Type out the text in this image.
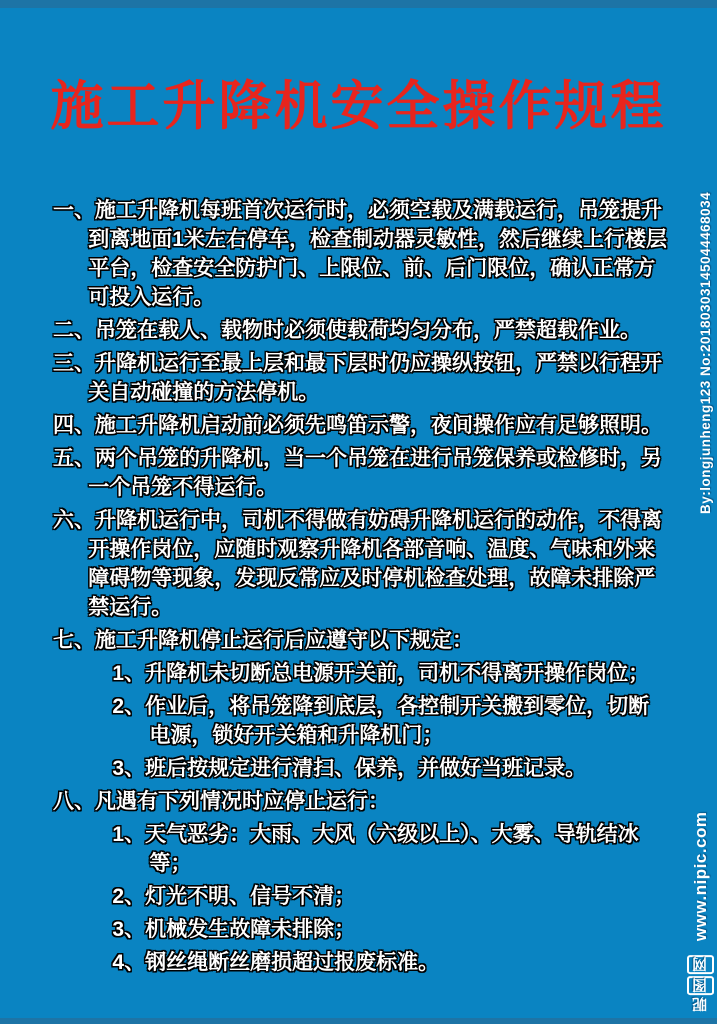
施工升降机安全操作规程 施工升降机安全操作规程
一、施工升降机每班首次运行时，必须空载及满载运行，吊笼提升到离地面1米左右停车，检查制动器灵敏性，然后继续上行楼层平台，检查安全防护门、上限位、前、后门限位，确认正常方可投入运行。
二、吊笼在载人、载物时必须使载荷均匀分布，严禁超载作业。
三、升降机运行至最上层和最下层时仍应操纵按钮，严禁以行程开关自动碰撞的方法停机。
四、施工升降机启动前必须先鸣笛示警，夜间操作应有足够照明。
五、两个吊笼的升降机，当一个吊笼在进行吊笼保养或检修时，另一个吊笼不得运行。
六、升降机运行中，司机不得做有妨碍升降机运行的动作，不得离开操作岗位，应随时观察升降机各部音响、温度、气味和外来障碍物等现象，发现反常应及时停机检查处理，故障未排除严禁运行。
七、施工升降机停止运行后应遵守以下规定：
1、升降机未切断总电源开关前，司机不得离开操作岗位；
2、作业后，将吊笼降到底层，各控制开关搬到零位，切断电源，锁好开关箱和升降机门；
3、班后按规定进行清扫、保养，并做好当班记录。
八、凡遇有下列情况时应停止运行：
1、天气恶劣：大雨、大风（六级以上）、大雾、导轨结冰等；
2、灯光不明、信号不清；
3、机械发生故障未排除；
4、钢丝绳断丝磨损超过报废标准。
By:longjunheng123 No:20180303145044468034
昵图网 www.nipic.com
